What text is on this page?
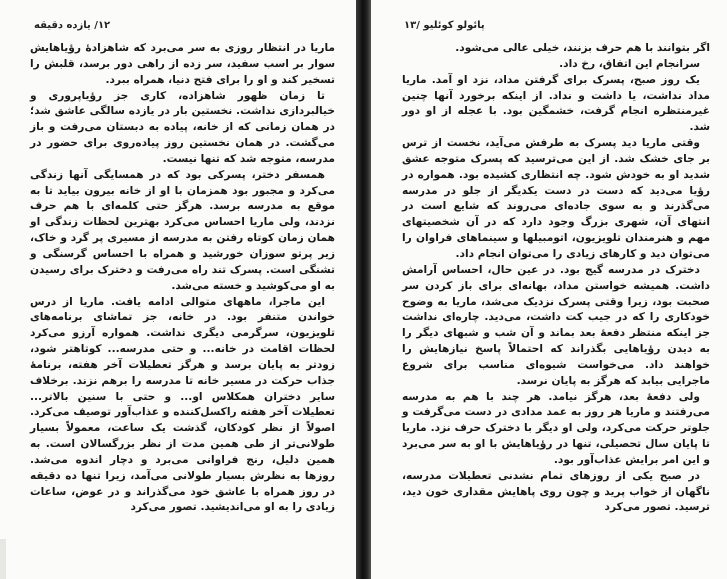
۱۲/ یازده دقیقه

ماریا در انتظار روزی به سر می‌برد که شاهزادهٔ رؤیاهایش سوار بر اسب سفید، سر زده از راهی دور برسد، قلبش را تسخیر کند و او را برای فتح دنیا، همراه ببرد.

تا زمان ظهور شاهزاده، کاری جز رؤیاپروری و خیالبردازی نداشت. نخستین بار در یازده سالگی عاشق شد؛ در همان زمانی که از خانه، پیاده به دبستان می‌رفت و باز می‌گشت. در همان نخستین روز پیاده‌روی برای حضور در مدرسه، متوجه شد که تنها نیست.

همسفر دختر، پسرکی بود که در همسایگی آنها زندگی می‌کرد و مجبور بود همزمان با او از خانه بیرون بیاید تا به موقع به مدرسه برسد. هرگز حتی کلمه‌ای با هم حرف نزدند، ولی ماریا احساس می‌کرد بهترین لحظات زندگی او همان زمان کوتاه رفتن به مدرسه از مسیری پر گرد و خاک، زیر پرتو سوزان خورشید و همراه با احساس گرسنگی و تشنگی است. پسرک تند راه می‌رفت و دخترک برای رسیدن به او می‌کوشید و خسته می‌شد.

این ماجرا، ماههای متوالی ادامه یافت. ماریا از درس خواندن متنفر بود. در خانه، جز تماشای برنامه‌های تلویزیون، سرگرمی دیگری نداشت. همواره آرزو می‌کرد لحظات اقامت در خانه... و حتی مدرسه... کوتاهتر شود، زودتر به پایان برسد و هرگز تعطیلات آخر هفته، برنامهٔ جذاب حرکت در مسیر خانه تا مدرسه را برهم نزند. برخلاف سایر دختران همکلاس او... و حتی با سنین بالاتر... تعطیلات آخر هفته راکسل‌کننده و عذاب‌آور توصیف می‌کرد. اصولاً از نظر کودکان، گذشت یک ساعت، معمولاً بسیار طولانی‌تر از طی همین مدت از نظر بزرگسالان است. به همین دلیل، رنج فراوانی می‌برد و دچار اندوه می‌شد. روزها به نظرش بسیار طولانی می‌آمد، زیرا تنها ده دقیقه در روز همراه با عاشق خود می‌گذراند و در عوض، ساعات زیادی را به او می‌اندیشید. تصور می‌کرد

پائولو کوئلیو /۱۳

اگر بتوانند با هم حرف بزنند، خیلی عالی می‌شود.

سرانجام این اتفاق، رخ داد.

یک روز صبح، پسرک برای گرفتن مداد، نزد او آمد. ماریا مداد نداشت، یا داشت و نداد. از اینکه برخورد آنها چنین غیرمنتظره انجام گرفت، خشمگین بود. با عجله از او دور شد.

وقتی ماریا دید پسرک به طرفش می‌آید، نخست از ترس بر جای خشک شد. از این می‌ترسید که پسرک متوجه عشق شدید او به خودش شود. چه انتظاری کشیده بود. همواره در رؤیا می‌دید که دست در دست یکدیگر از جلو در مدرسه می‌گذرند و به سوی جاده‌ای می‌روند که شایع است در انتهای آن، شهری بزرگ وجود دارد که در آن شخصیتهای مهم و هنرمندان تلویزیون، اتومبیلها و سینماهای فراوان را می‌توان دید و کارهای زیادی را می‌توان انجام داد.

دخترک در مدرسه گیج بود. در عین حال، احساس آرامش داشت. همیشه خواستن مداد، بهانه‌ای برای باز کردن سر صحبت بود، زیرا وقتی پسرک نزدیک می‌شد، ماریا به وضوح خودکاری را که در جیب کت داشت، می‌دید. چاره‌ای نداشت جز اینکه منتظر دفعهٔ بعد بماند و آن شب و شبهای دیگر را به دیدن رؤیاهایی بگذراند که احتمالاً پاسخ نیازهایش را خواهند داد. می‌خواست شیوه‌ای مناسب برای شروع ماجرایی بیابد که هرگز به پایان نرسد.

ولی دفعهٔ بعد، هرگز نیامد. هر چند با هم به مدرسه می‌رفتند و ماریا هر روز به عمد مدادی در دست می‌گرفت و جلوتر حرکت می‌کرد، ولی او دیگر با دخترک حرف نزد. ماریا تا پایان سال تحصیلی، تنها در رؤیاهایش با او به سر می‌برد و این امر برایش عذاب‌آور بود.

در صبح یکی از روزهای تمام نشدنی تعطیلات مدرسه، ناگهان از خواب پرید و چون روی پاهایش مقداری خون دید، ترسید. تصور می‌کرد
